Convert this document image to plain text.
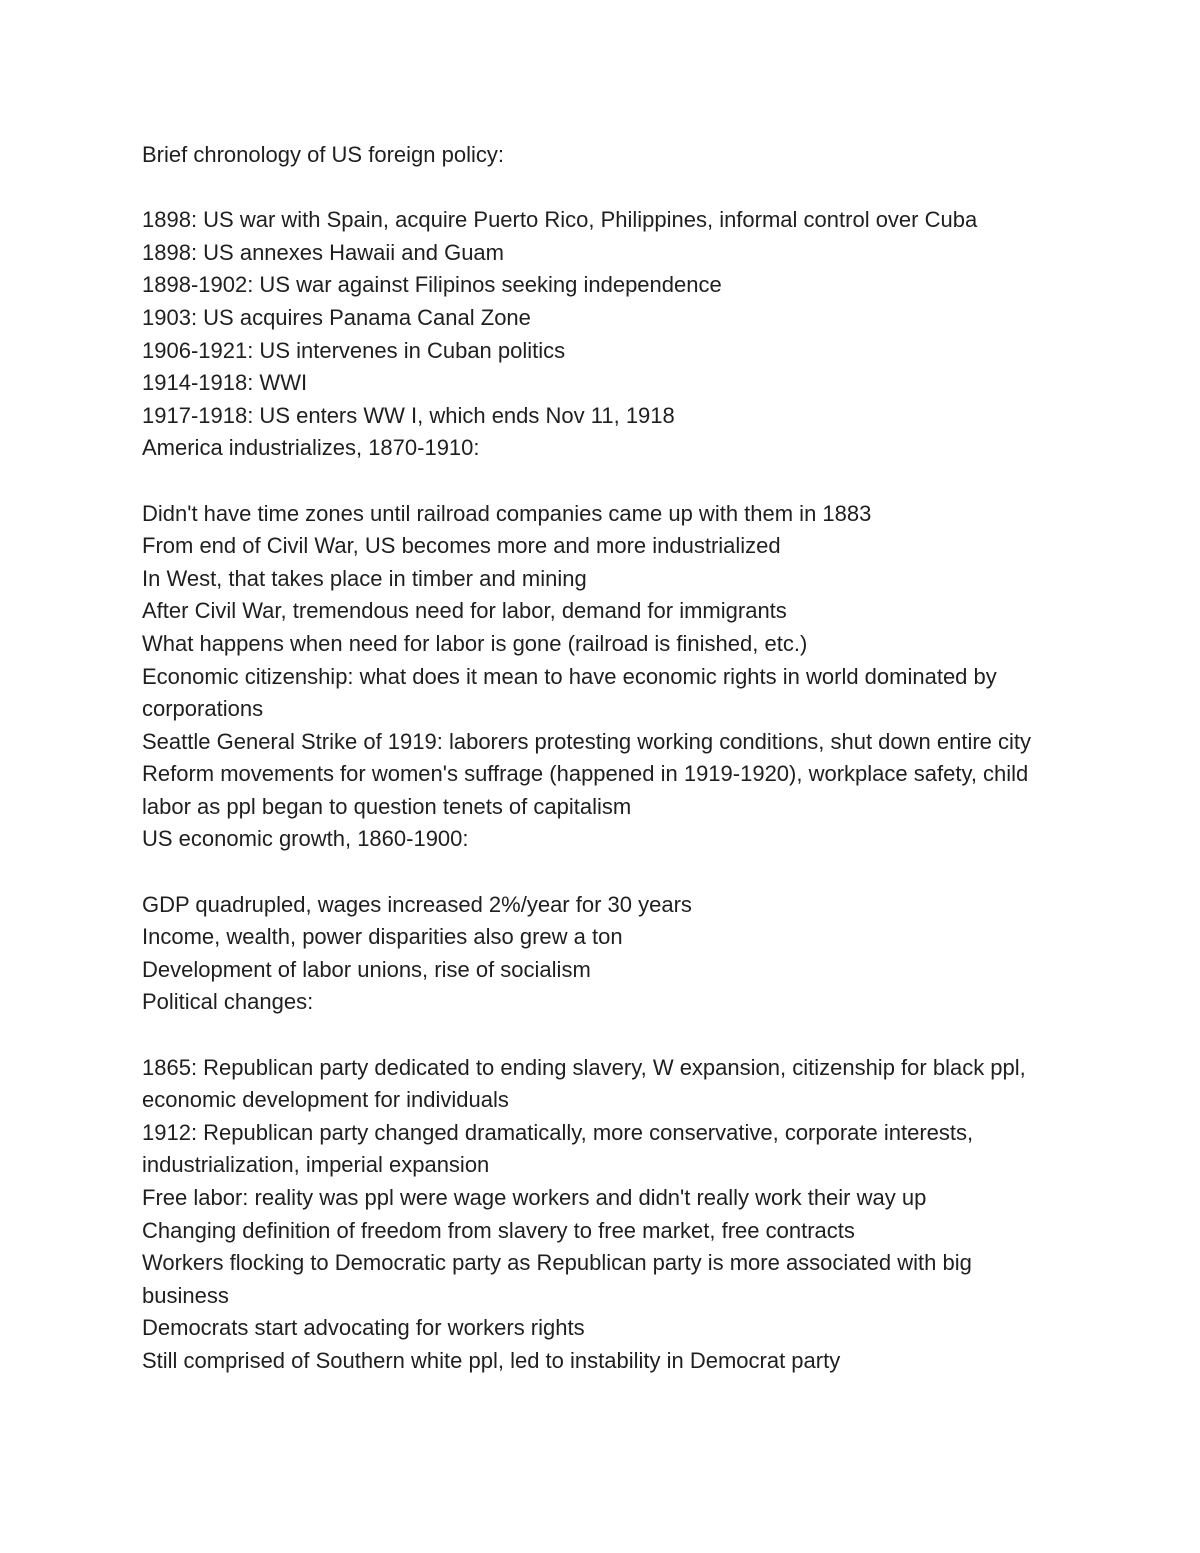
Brief chronology of US foreign policy:

1898: US war with Spain, acquire Puerto Rico, Philippines, informal control over Cuba

1898: US annexes Hawaii and Guam

1898-1902: US war against Filipinos seeking independence

1903: US acquires Panama Canal Zone

1906-1921: US intervenes in Cuban politics

1914-1918: WWI

1917-1918: US enters WW I, which ends Nov 11, 1918

America industrializes, 1870-1910:

Didn't have time zones until railroad companies came up with them in 1883

From end of Civil War, US becomes more and more industrialized

In West, that takes place in timber and mining

After Civil War, tremendous need for labor, demand for immigrants

What happens when need for labor is gone (railroad is finished, etc.)

Economic citizenship: what does it mean to have economic rights in world dominated by corporations

Seattle General Strike of 1919: laborers protesting working conditions, shut down entire city

Reform movements for women's suffrage (happened in 1919-1920), workplace safety, child labor as ppl began to question tenets of capitalism

US economic growth, 1860-1900:

GDP quadrupled, wages increased 2%/year for 30 years

Income, wealth, power disparities also grew a ton

Development of labor unions, rise of socialism

Political changes:

1865: Republican party dedicated to ending slavery, W expansion, citizenship for black ppl, economic development for individuals

1912: Republican party changed dramatically, more conservative, corporate interests, industrialization, imperial expansion

Free labor: reality was ppl were wage workers and didn't really work their way up

Changing definition of freedom from slavery to free market, free contracts

Workers flocking to Democratic party as Republican party is more associated with big business

Democrats start advocating for workers rights

Still comprised of Southern white ppl, led to instability in Democrat party
